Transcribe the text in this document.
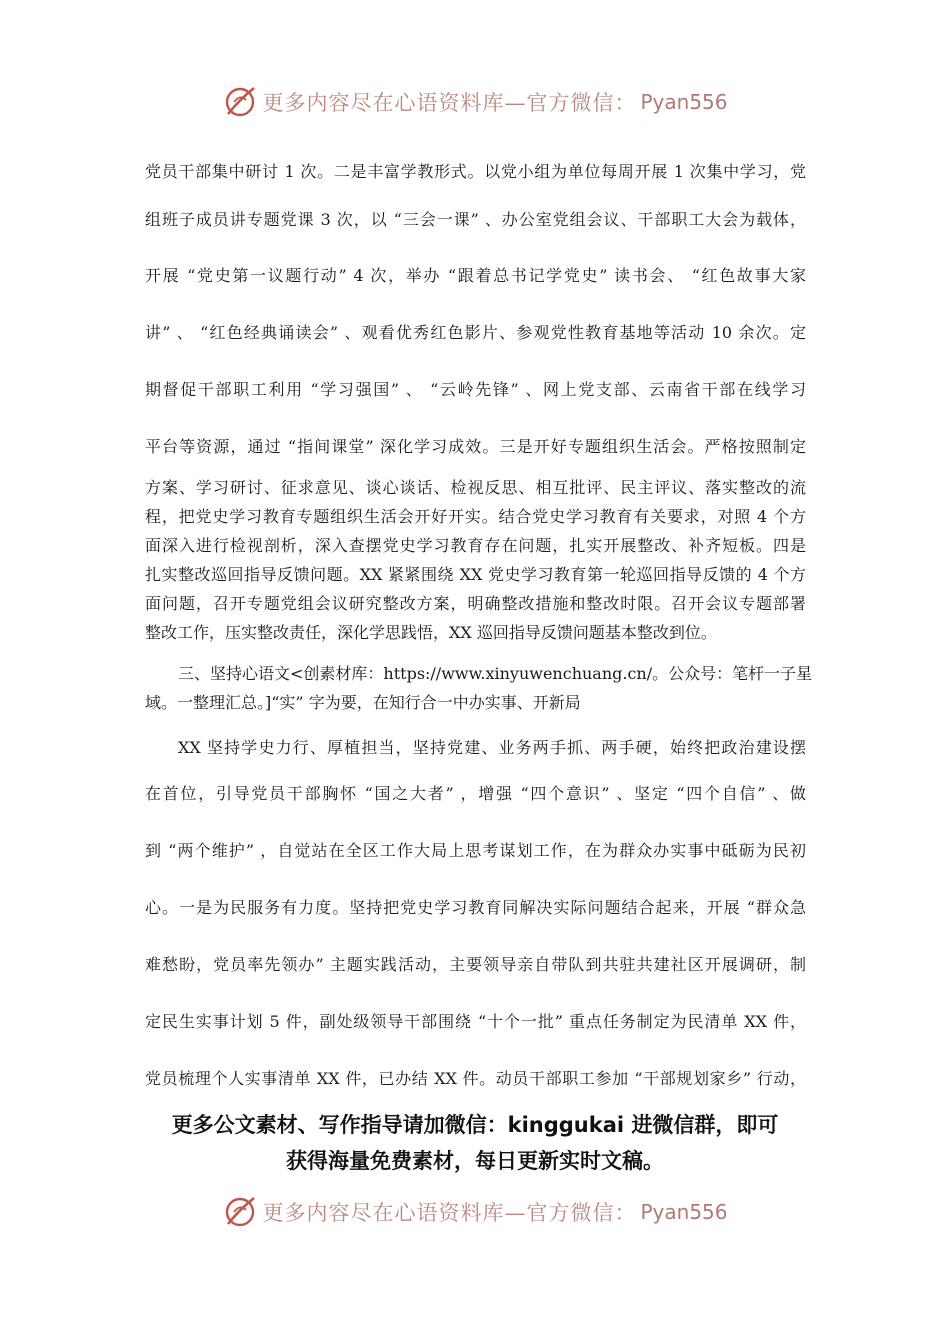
更多内容尽在心语资料库—官方微信： Pyan556
党员干部集中研讨 1 次。二是丰富学教形式。以党小组为单位每周开展 1 次集中学习，党
组班子成员讲专题党课 3 次，以 “三会一课” 、办公室党组会议、干部职工大会为载体，
开展 “党史第一议题行动” 4 次，举办 “跟着总书记学党史” 读书会、 “红色故事大家
讲” 、 “红色经典诵读会” 、观看优秀红色影片、参观党性教育基地等活动 10 余次。定
期督促干部职工利用 “学习强国” 、 “云岭先锋” 、网上党支部、云南省干部在线学习
平台等资源，通过 “指间课堂” 深化学习成效。三是开好专题组织生活会。严格按照制定
方案、学习研讨、征求意见、谈心谈话、检视反思、相互批评、民主评议、落实整改的流
程，把党史学习教育专题组织生活会开好开实。结合党史学习教育有关要求，对照 4 个方
面深入进行检视剖析，深入查摆党史学习教育存在问题，扎实开展整改、补齐短板。四是
扎实整改巡回指导反馈问题。XX 紧紧围绕 XX 党史学习教育第一轮巡回指导反馈的 4 个方
面问题，召开专题党组会议研究整改方案，明确整改措施和整改时限。召开会议专题部署
整改工作，压实整改责任，深化学思践悟，XX 巡回指导反馈问题基本整改到位。
三、坚持心语文<创素材库：https://www.xinyuwenchuang.cn/。公众号：笔杆一子星
域。一整理汇总。]“实” 字为要，在知行合一中办实事、开新局
XX 坚持学史力行、厚植担当，坚持党建、业务两手抓、两手硬，始终把政治建设摆
在首位，引导党员干部胸怀 “国之大者” ，增强 “四个意识” 、坚定 “四个自信” 、做
到 “两个维护” ，自觉站在全区工作大局上思考谋划工作，在为群众办实事中砥砺为民初
心。一是为民服务有力度。坚持把党史学习教育同解决实际问题结合起来，开展 “群众急
难愁盼，党员率先领办” 主题实践活动，主要领导亲自带队到共驻共建社区开展调研，制
定民生实事计划 5 件，副处级领导干部围绕 “十个一批” 重点任务制定为民清单 XX 件，
党员梳理个人实事清单 XX 件，已办结 XX 件。动员干部职工参加 “干部规划家乡” 行动，
更多公文素材、写作指导请加微信：kinggukai 进微信群，即可
获得海量免费素材，每日更新实时文稿。
更多内容尽在心语资料库—官方微信： Pyan556
